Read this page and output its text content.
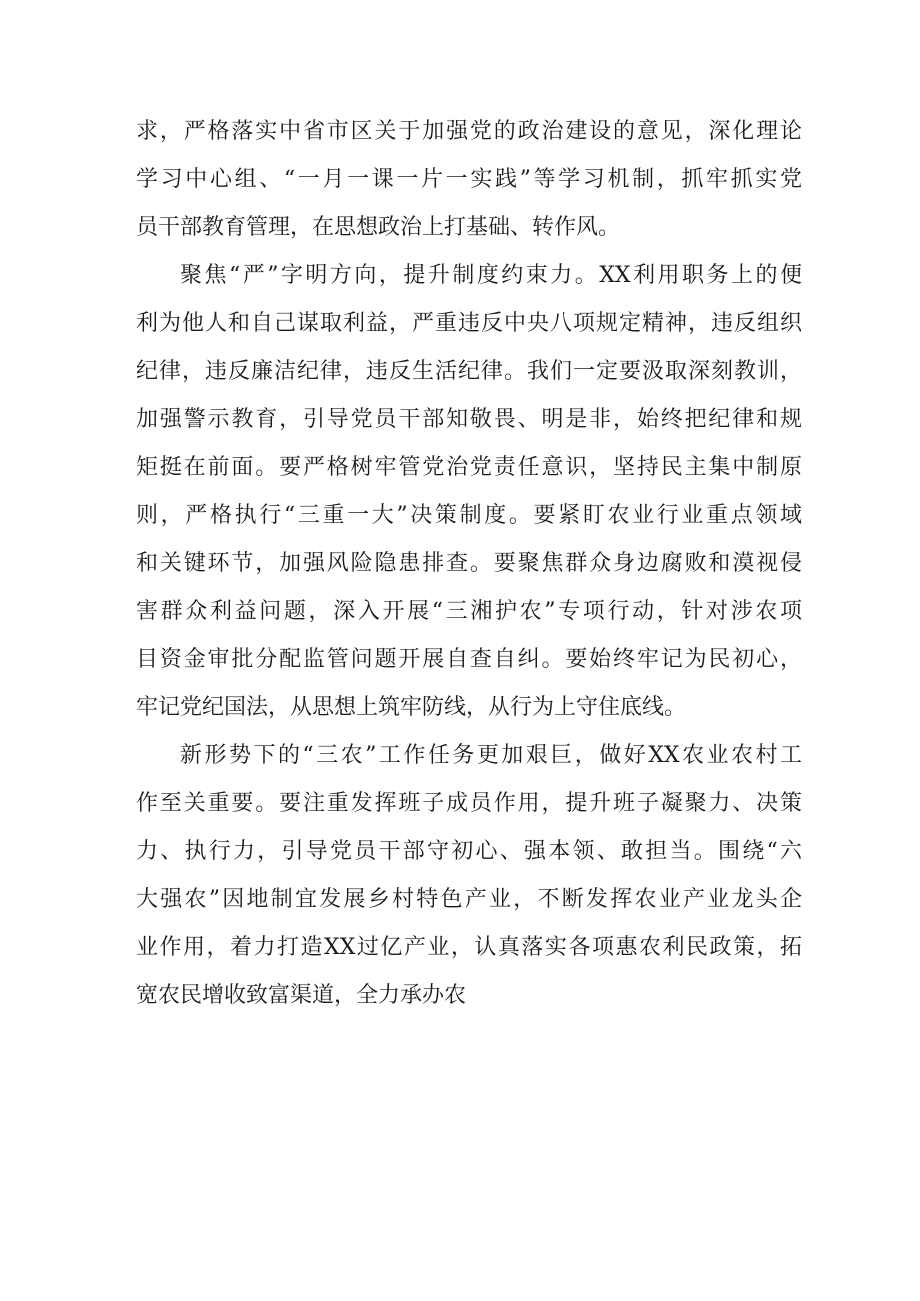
求，严格落实中省市区关于加强党的政治建设的意见，深化理论
学习中心组、“一月一课一片一实践”等学习机制，抓牢抓实党
员干部教育管理，在思想政治上打基础、转作风。
聚焦“严”字明方向，提升制度约束力。XX利用职务上的便
利为他人和自己谋取利益，严重违反中央八项规定精神，违反组织
纪律，违反廉洁纪律，违反生活纪律。我们一定要汲取深刻教训，
加强警示教育，引导党员干部知敬畏、明是非，始终把纪律和规
矩挺在前面。要严格树牢管党治党责任意识，坚持民主集中制原
则，严格执行“三重一大”决策制度。要紧盯农业行业重点领域
和关键环节，加强风险隐患排查。要聚焦群众身边腐败和漠视侵
害群众利益问题，深入开展“三湘护农”专项行动，针对涉农项
目资金审批分配监管问题开展自查自纠。要始终牢记为民初心，
牢记党纪国法，从思想上筑牢防线，从行为上守住底线。
新形势下的“三农”工作任务更加艰巨，做好XX农业农村工
作至关重要。要注重发挥班子成员作用，提升班子凝聚力、决策
力、执行力，引导党员干部守初心、强本领、敢担当。围绕“六
大强农”因地制宜发展乡村特色产业，不断发挥农业产业龙头企
业作用，着力打造XX过亿产业，认真落实各项惠农利民政策，拓
宽农民增收致富渠道，全力承办农
